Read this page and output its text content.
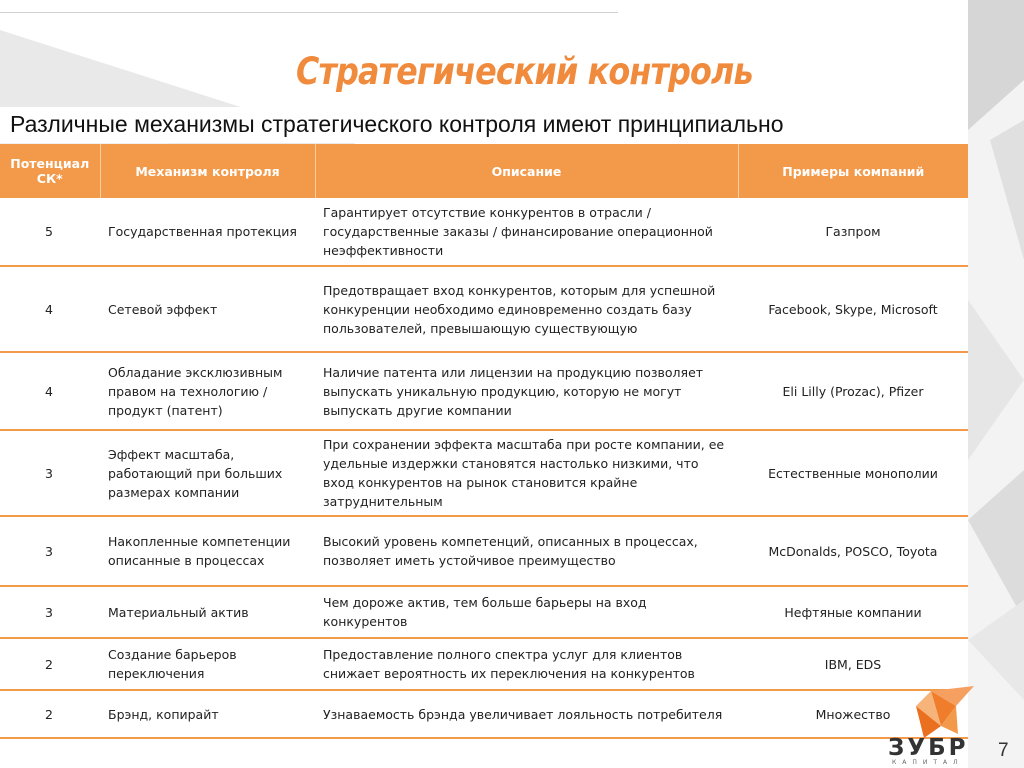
Стратегический контроль
Различные механизмы стратегического контроля имеют принципиально
Потенциал СК*	Механизм контроля	Описание	Примеры компаний
5	Государственная протекция	Гарантирует отсутствие конкурентов в отрасли / государственные заказы / финансирование операционной неэффективности	Газпром
4	Сетевой эффект	Предотвращает вход конкурентов, которым для успешной конкуренции необходимо единовременно создать базу пользователей, превышающую существующую	Facebook, Skype, Microsoft
4	Обладание эксклюзивным правом на технологию / продукт (патент)	Наличие патента или лицензии на продукцию позволяет выпускать уникальную продукцию, которую не могут выпускать другие компании	Eli Lilly (Prozac), Pfizer
3	Эффект масштаба, работающий при больших размерах компании	При сохранении эффекта масштаба при росте компании, ее удельные издержки становятся настолько низкими, что вход конкурентов на рынок становится крайне затруднительным	Естественные монополии
3	Накопленные компетенции описанные в процессах	Высокий уровень компетенций, описанных в процессах, позволяет иметь устойчивое преимущество	McDonalds, POSCO, Toyota
3	Материальный актив	Чем дороже актив, тем больше барьеры на вход конкурентов	Нефтяные компании
2	Создание барьеров переключения	Предоставление полного спектра услуг для клиентов снижает вероятность их переключения на конкурентов	IBM, EDS
2	Брэнд, копирайт	Узнаваемость брэнда увеличивает лояльность потребителя	Множество
ЗУБР
КАПИТАЛ
7
